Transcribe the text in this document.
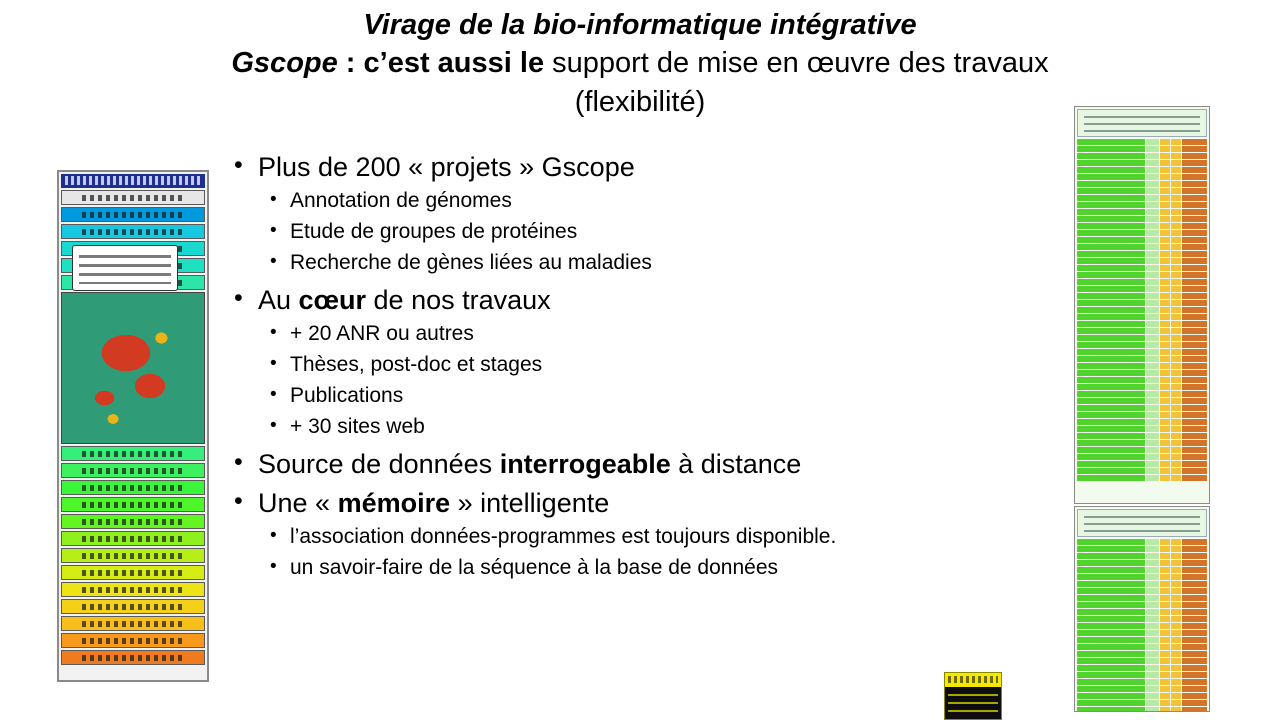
Virage de la bio-informatique intégrative
Gscope : c’est aussi le support de mise en œuvre des travaux
(flexibilité)
• Plus de 200 « projets » Gscope
• Annotation de génomes
• Etude de groupes de protéines
• Recherche de gènes liées au maladies
• Au cœur de nos travaux
• + 20 ANR ou autres
• Thèses, post-doc et stages
• Publications
• + 30 sites web
• Source de données interrogeable à distance
• Une « mémoire » intelligente
• l’association données-programmes est toujours disponible.
• un savoir-faire de la séquence à la base de données
